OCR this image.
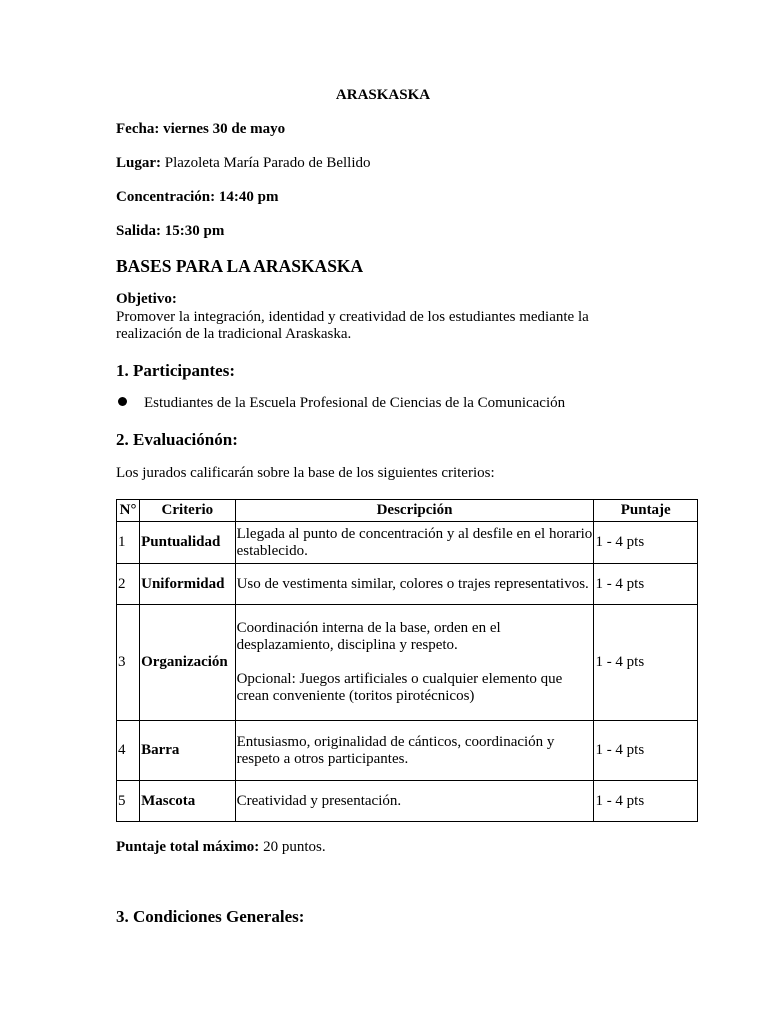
ARASKASKA
Fecha: viernes 30 de mayo
Lugar: Plazoleta María Parado de Bellido
Concentración: 14:40 pm
Salida: 15:30 pm
BASES PARA LA ARASKASKA
Objetivo:
Promover la integración, identidad y creatividad de los estudiantes mediante la realización de la tradicional Araskaska.
1. Participantes:
Estudiantes de la Escuela Profesional de Ciencias de la Comunicación
2. Evaluaciónón:
Los jurados calificarán sobre la base de los siguientes criterios:
N°	Criterio	Descripción	Puntaje
1	Puntualidad	Llegada al punto de concentración y al desfile en el horario establecido.	1 - 4 pts
2	Uniformidad	Uso de vestimenta similar, colores o trajes representativos.	1 - 4 pts
3	Organización	Coordinación interna de la base, orden en el desplazamiento, disciplina y respeto.

Opcional: Juegos artificiales o cualquier elemento que crean conveniente (toritos pirotécnicos)	1 - 4 pts
4	Barra	Entusiasmo, originalidad de cánticos, coordinación y respeto a otros participantes.	1 - 4 pts
5	Mascota	Creatividad y presentación.	1 - 4 pts
Puntaje total máximo: 20 puntos.
3. Condiciones Generales:
